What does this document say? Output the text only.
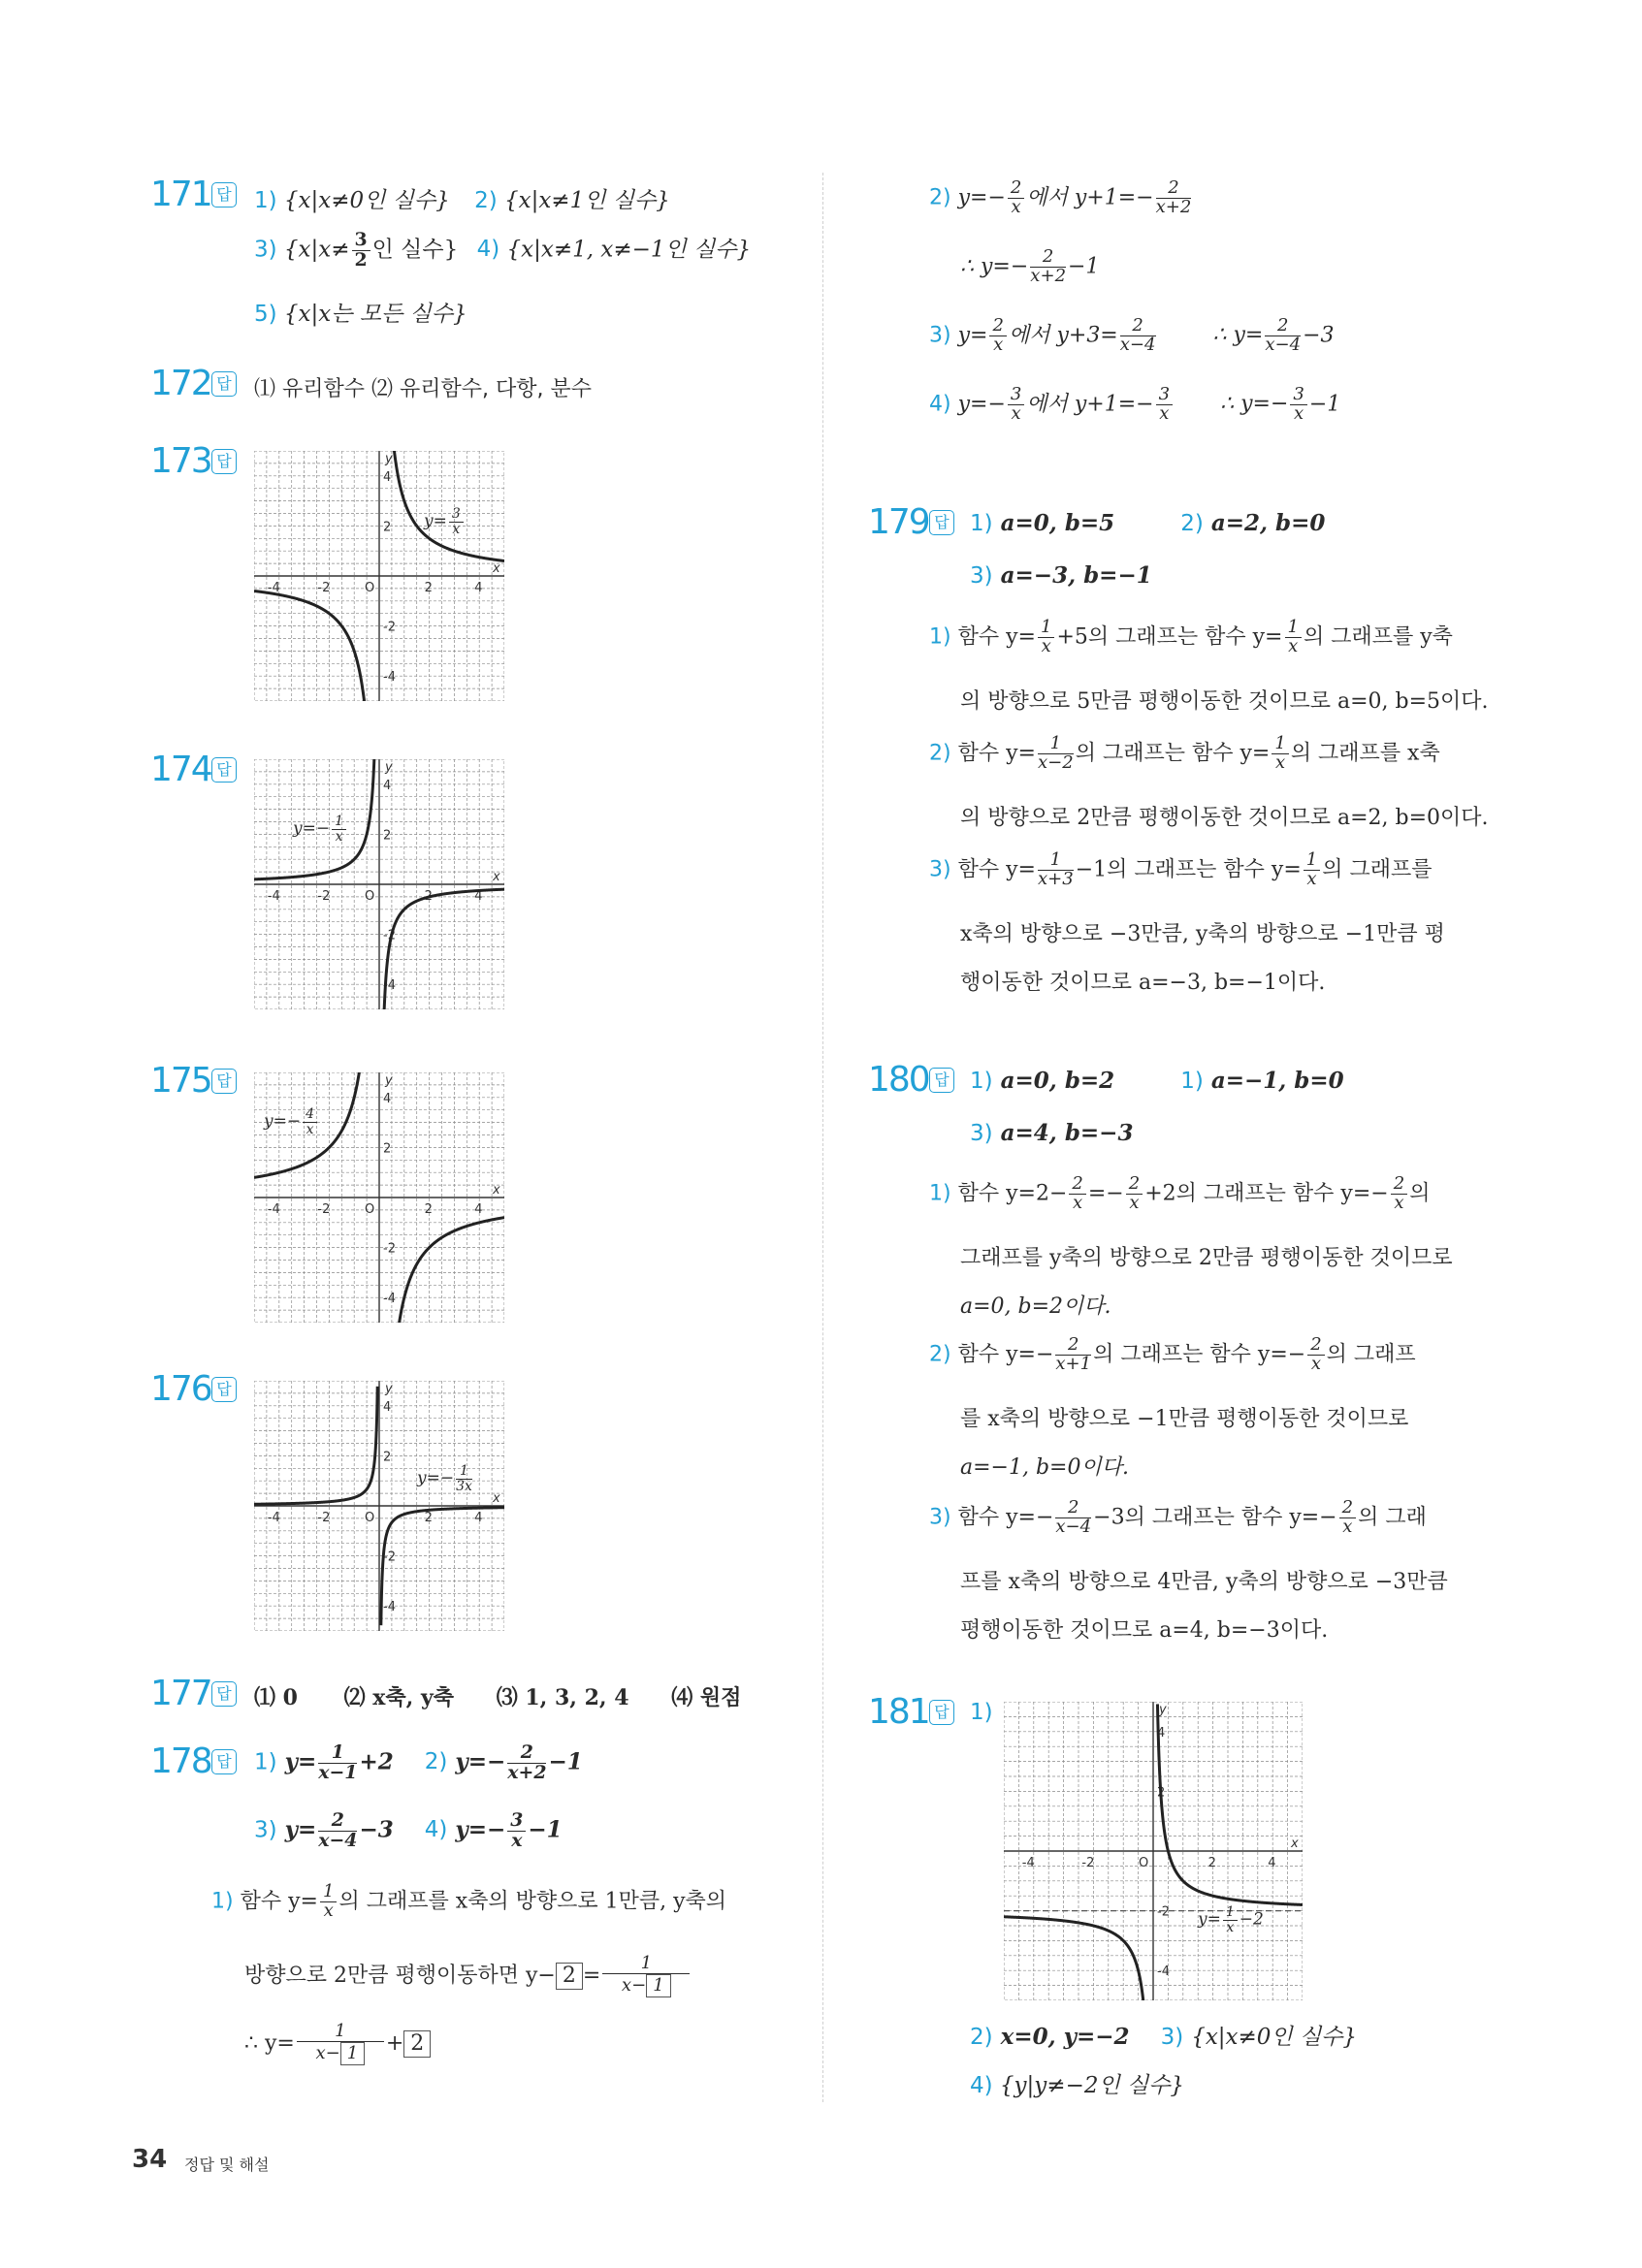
171 답 1) {x|x≠0인 실수} 2) {x|x≠1인 실수}
3) {$x|x\ne \frac{3}{2}$ 인 실수} 4) {x|x≠1, x≠−1인 실수}
5) {x|x는 모든 실수}
172 답 ⑴ 유리함수 ⑵ 유리함수, 다항, 분수
173 답
-4
-4
-2
-2
2
2
4
4
O
x
y
$y= \frac{3}{x}$
174 답
-4
-4
-2
-2
2
2
4
4
O
x
y
$y=- \frac{1}{x}$
175 답
-4
-4
-2
-2
2
2
4
4
O
x
y
$y=- \frac{4}{x}$
176 답
-4
-4
-2
-2
2
2
4
4
O
x
y
$y=- \frac{1}{3x}$
177 답 ⑴ 0 ⑵ x축, y축 ⑶ 1, 3, 2, 4 ⑷ 원점
178 답 1) $y= \frac{1}{x-1} +2$ 2) $y=- \frac{2}{x+2} -1$
3) $y= \frac{2}{x-4} -3$ 4) $y=- \frac{3}{x} -1$
1) 함수 $y= \frac{1}{x}$ 의 그래프를 x축의 방향으로 1만큼, y축의
방향으로 2만큼 평행이동하면 $y- 2 = \frac{1}{x- 1}$
∴ $y= \frac{1}{x- 1} + 2$
34 정답 및 해설
2) $y=- \frac{2}{x}$ 에서 $y+1=- \frac{2}{x+2}$
∴ $y=- \frac{2}{x+2} -1$
3) $y= \frac{2}{x}$ 에서 $y+3= \frac{2}{x-4}$	∴ $y= \frac{2}{x-4} -3$
4) $y=- \frac{3}{x}$ 에서 $y+1=- \frac{3}{x}$ ∴ $y=- \frac{3}{x} -1$
179 답 1) a=0, b=5	2) a=2, b=0
3) a=−3, b=−1
1) 함수 $y= \frac{1}{x} +5$의 그래프는 함수 $y= \frac{1}{x}$ 의 그래프를 y축
의 방향으로 5만큼 평행이동한 것이므로 a=0, b=5이다.
2) 함수 $y= \frac{1}{x-2}$ 의 그래프는 함수 $y= \frac{1}{x}$ 의 그래프를 x축
의 방향으로 2만큼 평행이동한 것이므로 a=2, b=0이다.
3) 함수 $y= \frac{1}{x+3} -1$의 그래프는 함수 $y= \frac{1}{x}$ 의 그래프를
x축의 방향으로 −3만큼, y축의 방향으로 −1만큼 평
행이동한 것이므로 a=−3, b=−1이다.
180 답 1) a=0, b=2	1) a=−1, b=0
3) a=4, b=−3
1) 함수 $y=2- \frac{2}{x} =- \frac{2}{x} +2$의 그래프는 함수 $y=- \frac{2}{x}$ 의
그래프를 y축의 방향으로 2만큼 평행이동한 것이므로
a=0, b=2이다.
2) 함수 $y=- \frac{2}{x+1}$ 의 그래프는 함수 $y=- \frac{2}{x}$ 의 그래프
를 x축의 방향으로 −1만큼 평행이동한 것이므로
a=−1, b=0이다.
3) 함수 $y=- \frac{2}{x-4} -3$의 그래프는 함수 $y=- \frac{2}{x}$ 의 그래
프를 x축의 방향으로 4만큼, y축의 방향으로 −3만큼
평행이동한 것이므로 a=4, b=−3이다.
181 답 1)
-4
-4
-2
-2
2
2
4
4
O
x
y
$y= \frac{1}{x} -2$
2) x=0, y=−2 3) {x|x≠0인 실수}
4) {y|y≠−2인 실수}
